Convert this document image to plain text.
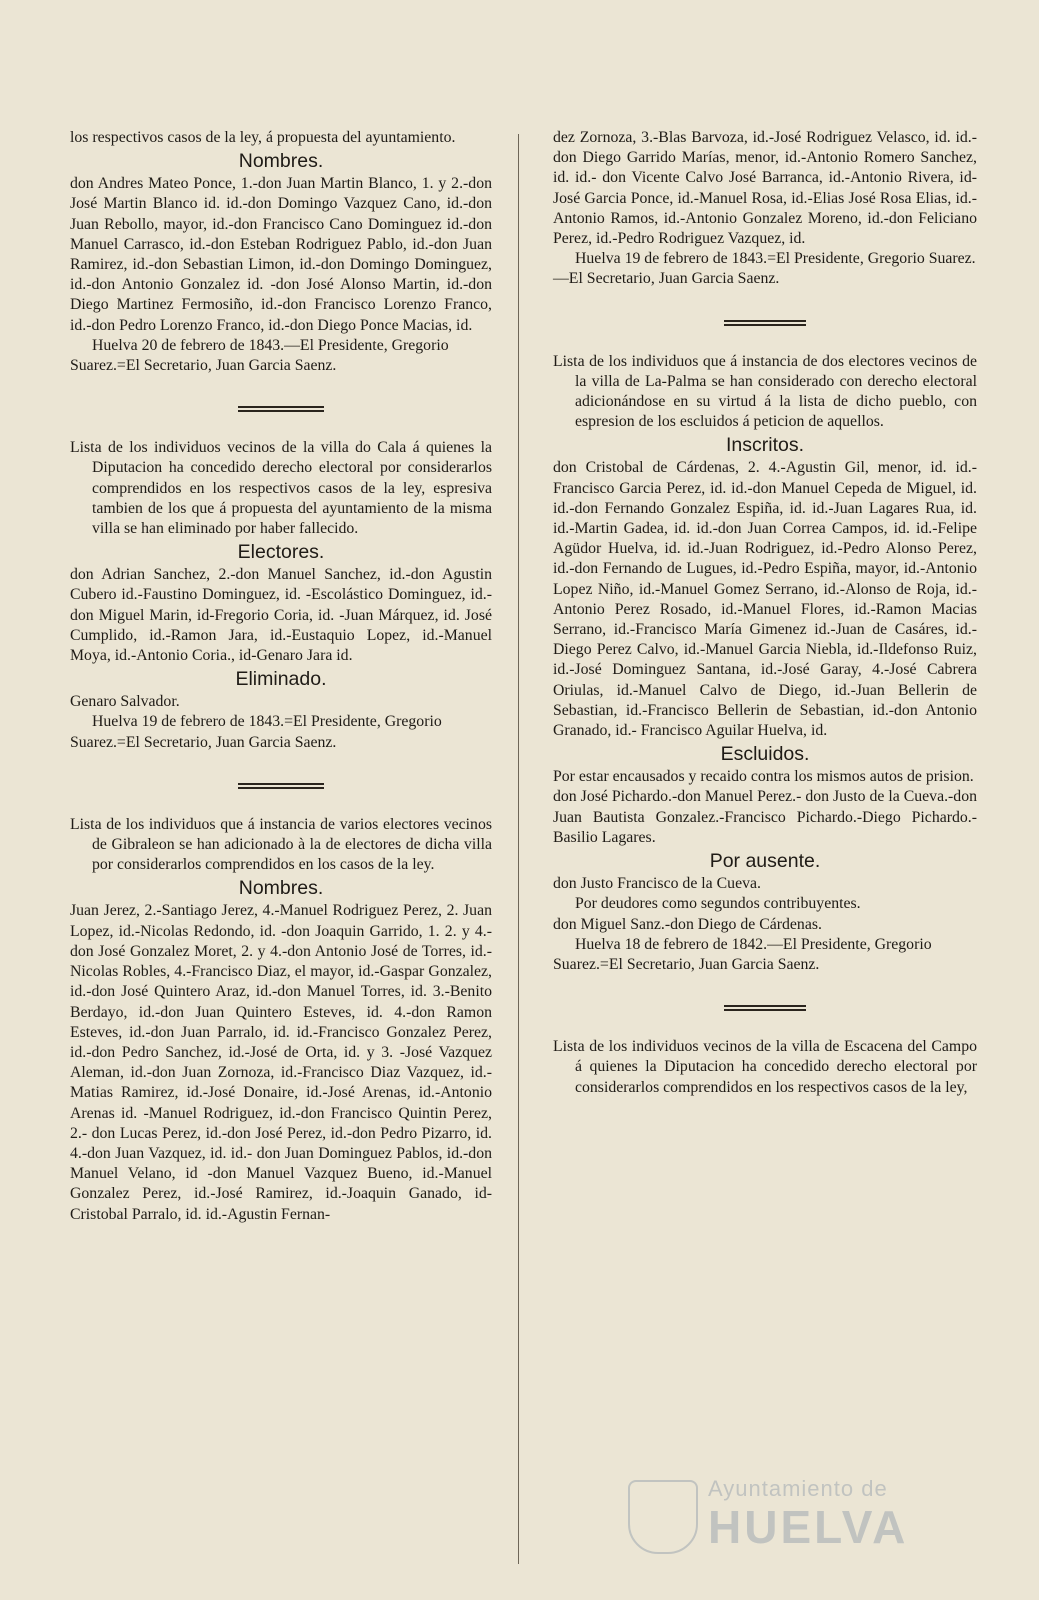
los respectivos casos de la ley, á propuesta del ayuntamiento.

Nombres.

don Andres Mateo Ponce, 1.-don Juan Martin Blanco, 1. y 2.-don José Martin Blanco id. id.-don Domingo Vazquez Cano, id.-don Juan Rebollo, mayor, id.-don Francisco Cano Dominguez id.-don Manuel Carrasco, id.-don Esteban Rodriguez Pablo, id.-don Juan Ramirez, id.-don Sebastian Limon, id.-don Domingo Dominguez, id.-don Antonio Gonzalez id. -don José Alonso Martin, id.-don Diego Martinez Fermosiño, id.-don Francisco Lorenzo Franco, id.-don Pedro Lorenzo Franco, id.-don Diego Ponce Macias, id.

Huelva 20 de febrero de 1843.—El Presidente, Gregorio Suarez.=El Secretario, Juan Garcia Saenz.

Lista de los individuos vecinos de la villa do Cala á quienes la Diputacion ha concedido derecho electoral por considerarlos comprendidos en los respectivos casos de la ley, espresiva tambien de los que á propuesta del ayuntamiento de la misma villa se han eliminado por haber fallecido.

Electores.

don Adrian Sanchez, 2.-don Manuel Sanchez, id.-don Agustin Cubero id.-Faustino Dominguez, id. -Escolástico Dominguez, id.-don Miguel Marin, id-Fregorio Coria, id. -Juan Márquez, id. José Cumplido, id.-Ramon Jara, id.-Eustaquio Lopez, id.-Manuel Moya, id.-Antonio Coria., id-Genaro Jara id.

Eliminado.

Genaro Salvador.

Huelva 19 de febrero de 1843.=El Presidente, Gregorio Suarez.=El Secretario, Juan Garcia Saenz.

Lista de los individuos que á instancia de varios electores vecinos de Gibraleon se han adicionado à la de electores de dicha villa por considerarlos comprendidos en los casos de la ley.

Nombres.

Juan Jerez, 2.-Santiago Jerez, 4.-Manuel Rodriguez Perez, 2. Juan Lopez, id.-Nicolas Redondo, id. -don Joaquin Garrido, 1. 2. y 4.-don José Gonzalez Moret, 2. y 4.-don Antonio José de Torres, id.-Nicolas Robles, 4.-Francisco Diaz, el mayor, id.-Gaspar Gonzalez, id.-don José Quintero Araz, id.-don Manuel Torres, id. 3.-Benito Berdayo, id.-don Juan Quintero Esteves, id. 4.-don Ramon Esteves, id.-don Juan Parralo, id. id.-Francisco Gonzalez Perez, id.-don Pedro Sanchez, id.-José de Orta, id. y 3. -José Vazquez Aleman, id.-don Juan Zornoza, id.-Francisco Diaz Vazquez, id.-Matias Ramirez, id.-José Donaire, id.-José Arenas, id.-Antonio Arenas id. -Manuel Rodriguez, id.-don Francisco Quintin Perez, 2.- don Lucas Perez, id.-don José Perez, id.-don Pedro Pizarro, id. 4.-don Juan Vazquez, id. id.- don Juan Dominguez Pablos, id.-don Manuel Velano, id -don Manuel Vazquez Bueno, id.-Manuel Gonzalez Perez, id.-José Ramirez, id.-Joaquin Ganado, id- Cristobal Parralo, id. id.-Agustin Fernan-

dez Zornoza, 3.-Blas Barvoza, id.-José Rodriguez Velasco, id. id.-don Diego Garrido Marías, menor, id.-Antonio Romero Sanchez, id. id.- don Vicente Calvo José Barranca, id.-Antonio Rivera, id- José Garcia Ponce, id.-Manuel Rosa, id.-Elias José Rosa Elias, id.- Antonio Ramos, id.-Antonio Gonzalez Moreno, id.-don Feliciano Perez, id.-Pedro Rodriguez Vazquez, id.

Huelva 19 de febrero de 1843.=El Presidente, Gregorio Suarez.—El Secretario, Juan Garcia Saenz.

Lista de los individuos que á instancia de dos electores vecinos de la villa de La-Palma se han considerado con derecho electoral adicionándose en su virtud á la lista de dicho pueblo, con espresion de los escluidos á peticion de aquellos.

Inscritos.

don Cristobal de Cárdenas, 2. 4.-Agustin Gil, menor, id. id.-Francisco Garcia Perez, id. id.-don Manuel Cepeda de Miguel, id. id.-don Fernando Gonzalez Espiña, id. id.-Juan Lagares Rua, id. id.-Martin Gadea, id. id.-don Juan Correa Campos, id. id.-Felipe Agüdor Huelva, id. id.-Juan Rodriguez, id.-Pedro Alonso Perez, id.-don Fernando de Lugues, id.-Pedro Espiña, mayor, id.-Antonio Lopez Niño, id.-Manuel Gomez Serrano, id.-Alonso de Roja, id.-Antonio Perez Rosado, id.-Manuel Flores, id.-Ramon Macias Serrano, id.-Francisco María Gimenez id.-Juan de Casáres, id.-Diego Perez Calvo, id.-Manuel Garcia Niebla, id.-Ildefonso Ruiz, id.-José Dominguez Santana, id.-José Garay, 4.-José Cabrera Oriulas, id.-Manuel Calvo de Diego, id.-Juan Bellerin de Sebastian, id.-Francisco Bellerin de Sebastian, id.-don Antonio Granado, id.- Francisco Aguilar Huelva, id.

Escluidos.

Por estar encausados y recaido contra los mismos autos de prision.

don José Pichardo.-don Manuel Perez.- don Justo de la Cueva.-don Juan Bautista Gonzalez.-Francisco Pichardo.-Diego Pichardo.-Basilio Lagares.

Por ausente.

don Justo Francisco de la Cueva.

Por deudores como segundos contribuyentes.

don Miguel Sanz.-don Diego de Cárdenas.

Huelva 18 de febrero de 1842.—El Presidente, Gregorio Suarez.=El Secretario, Juan Garcia Saenz.

Lista de los individuos vecinos de la villa de Escacena del Campo á quienes la Diputacion ha concedido derecho electoral por considerarlos comprendidos en los respectivos casos de la ley,

Ayuntamiento de
HUELVA
